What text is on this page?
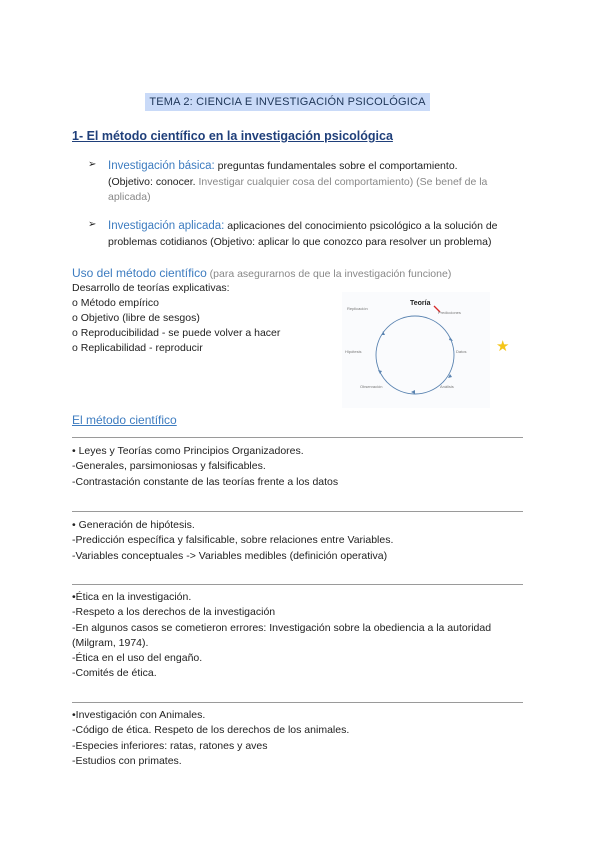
TEMA 2: CIENCIA E INVESTIGACIÓN PSICOLÓGICA
1- El método científico en la investigación psicológica
➢	Investigación básica: preguntas fundamentales sobre el comportamiento.
(Objetivo: conocer. Investigar cualquier cosa del comportamiento) (Se benef de la
aplicada)
➢	Investigación aplicada: aplicaciones del conocimiento psicológico a la solución de
problemas cotidianos (Objetivo: aplicar lo que conozco para resolver un problema)
Uso del método científico (para asegurarnos de que la investigación funcione)
Desarrollo de teorías explicativas:
o Método empírico
o Objetivo (libre de sesgos)
o Reproducibilidad - se puede volver a hacer
o Replicabilidad - reproducir
Teoría
Replicación
Predicciones
Datos
Análisis
Observación
Hipótesis	★
El método científico
• Leyes y Teorías como Principios Organizadores.
-Generales, parsimoniosas y falsificables.
-Contrastación constante de las teorías frente a los datos
• Generación de hipótesis.
-Predicción específica y falsificable, sobre relaciones entre Variables.
-Variables conceptuales -> Variables medibles (definición operativa)
•Ética en la investigación.
-Respeto a los derechos de la investigación
-En algunos casos se cometieron errores: Investigación sobre la obediencia a la autoridad
(Milgram, 1974).
-Ética en el uso del engaño.
-Comités de ética.
•Investigación con Animales.
-Código de ética. Respeto de los derechos de los animales.
-Especies inferiores: ratas, ratones y aves
-Estudios con primates.
